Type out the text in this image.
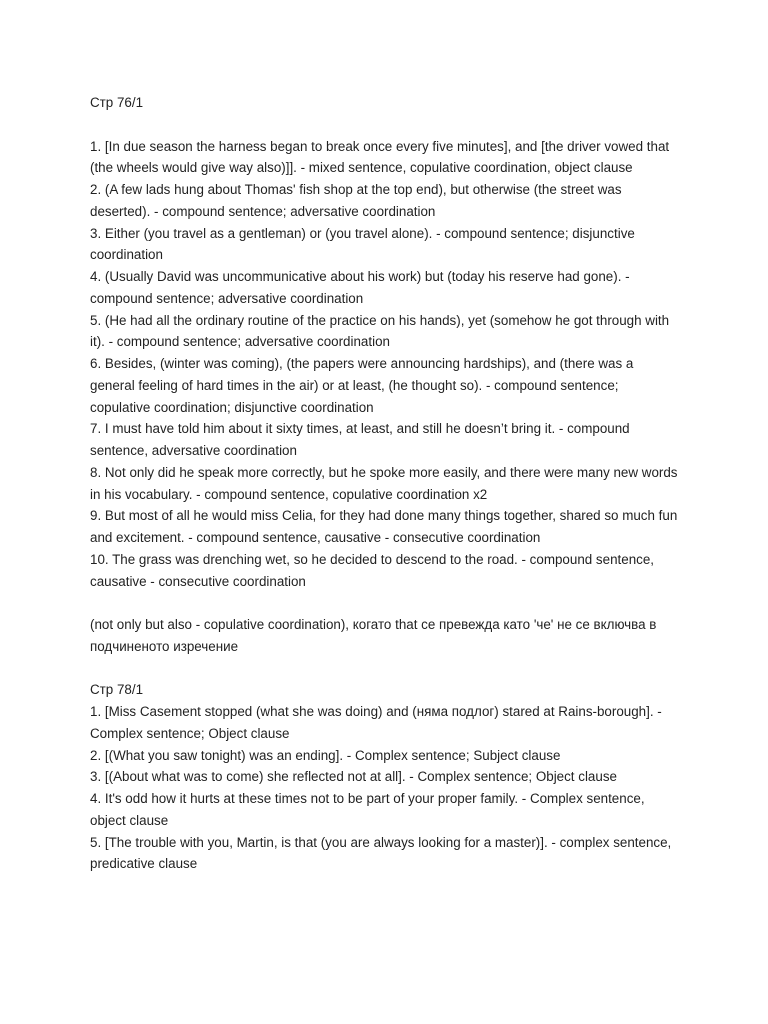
Стр 76/1

1. [In due season the harness began to break once every five minutes], and [the driver vowed that (the wheels would give way also)]]. - mixed sentence, copulative coordination, object clause
2. (A few lads hung about Thomas' fish shop at the top end), but otherwise (the street was deserted). - compound sentence; adversative coordination
3. Either (you travel as a gentleman) or (you travel alone). - compound sentence; disjunctive coordination
4. (Usually David was uncommunicative about his work) but (today his reserve had gone). - compound sentence; adversative coordination
5. (He had all the ordinary routine of the practice on his hands), yet (somehow he got through with it). - compound sentence; adversative coordination
6. Besides, (winter was coming), (the papers were announcing hardships), and (there was a general feeling of hard times in the air) or at least, (he thought so). - compound sentence; copulative coordination; disjunctive coordination
7. I must have told him about it sixty times, at least, and still he doesn’t bring it. - compound sentence, adversative coordination
8. Not only did he speak more correctly, but he spoke more easily, and there were many new words in his vocabulary. - compound sentence, copulative coordination x2
9. But most of all he would miss Celia, for they had done many things together, shared so much fun and excitement. - compound sentence, causative - consecutive coordination
10. The grass was drenching wet, so he decided to descend to the road. - compound sentence, causative - consecutive coordination

(not only but also - copulative coordination), когато that се превежда като 'че' не се включва в подчиненото изречение

Стр 78/1

1. [Miss Casement stopped (what she was doing) and (няма подлог) stared at Rains-borough]. - Complex sentence; Object clause
2. [(What you saw tonight) was an ending]. - Complex sentence; Subject clause
3. [(About what was to come) she reflected not at all]. - Complex sentence; Object clause
4. It's odd how it hurts at these times not to be part of your proper family. - Complex sentence, object clause
5. [The trouble with you, Martin, is that (you are always looking for a master)]. - complex sentence, predicative clause
